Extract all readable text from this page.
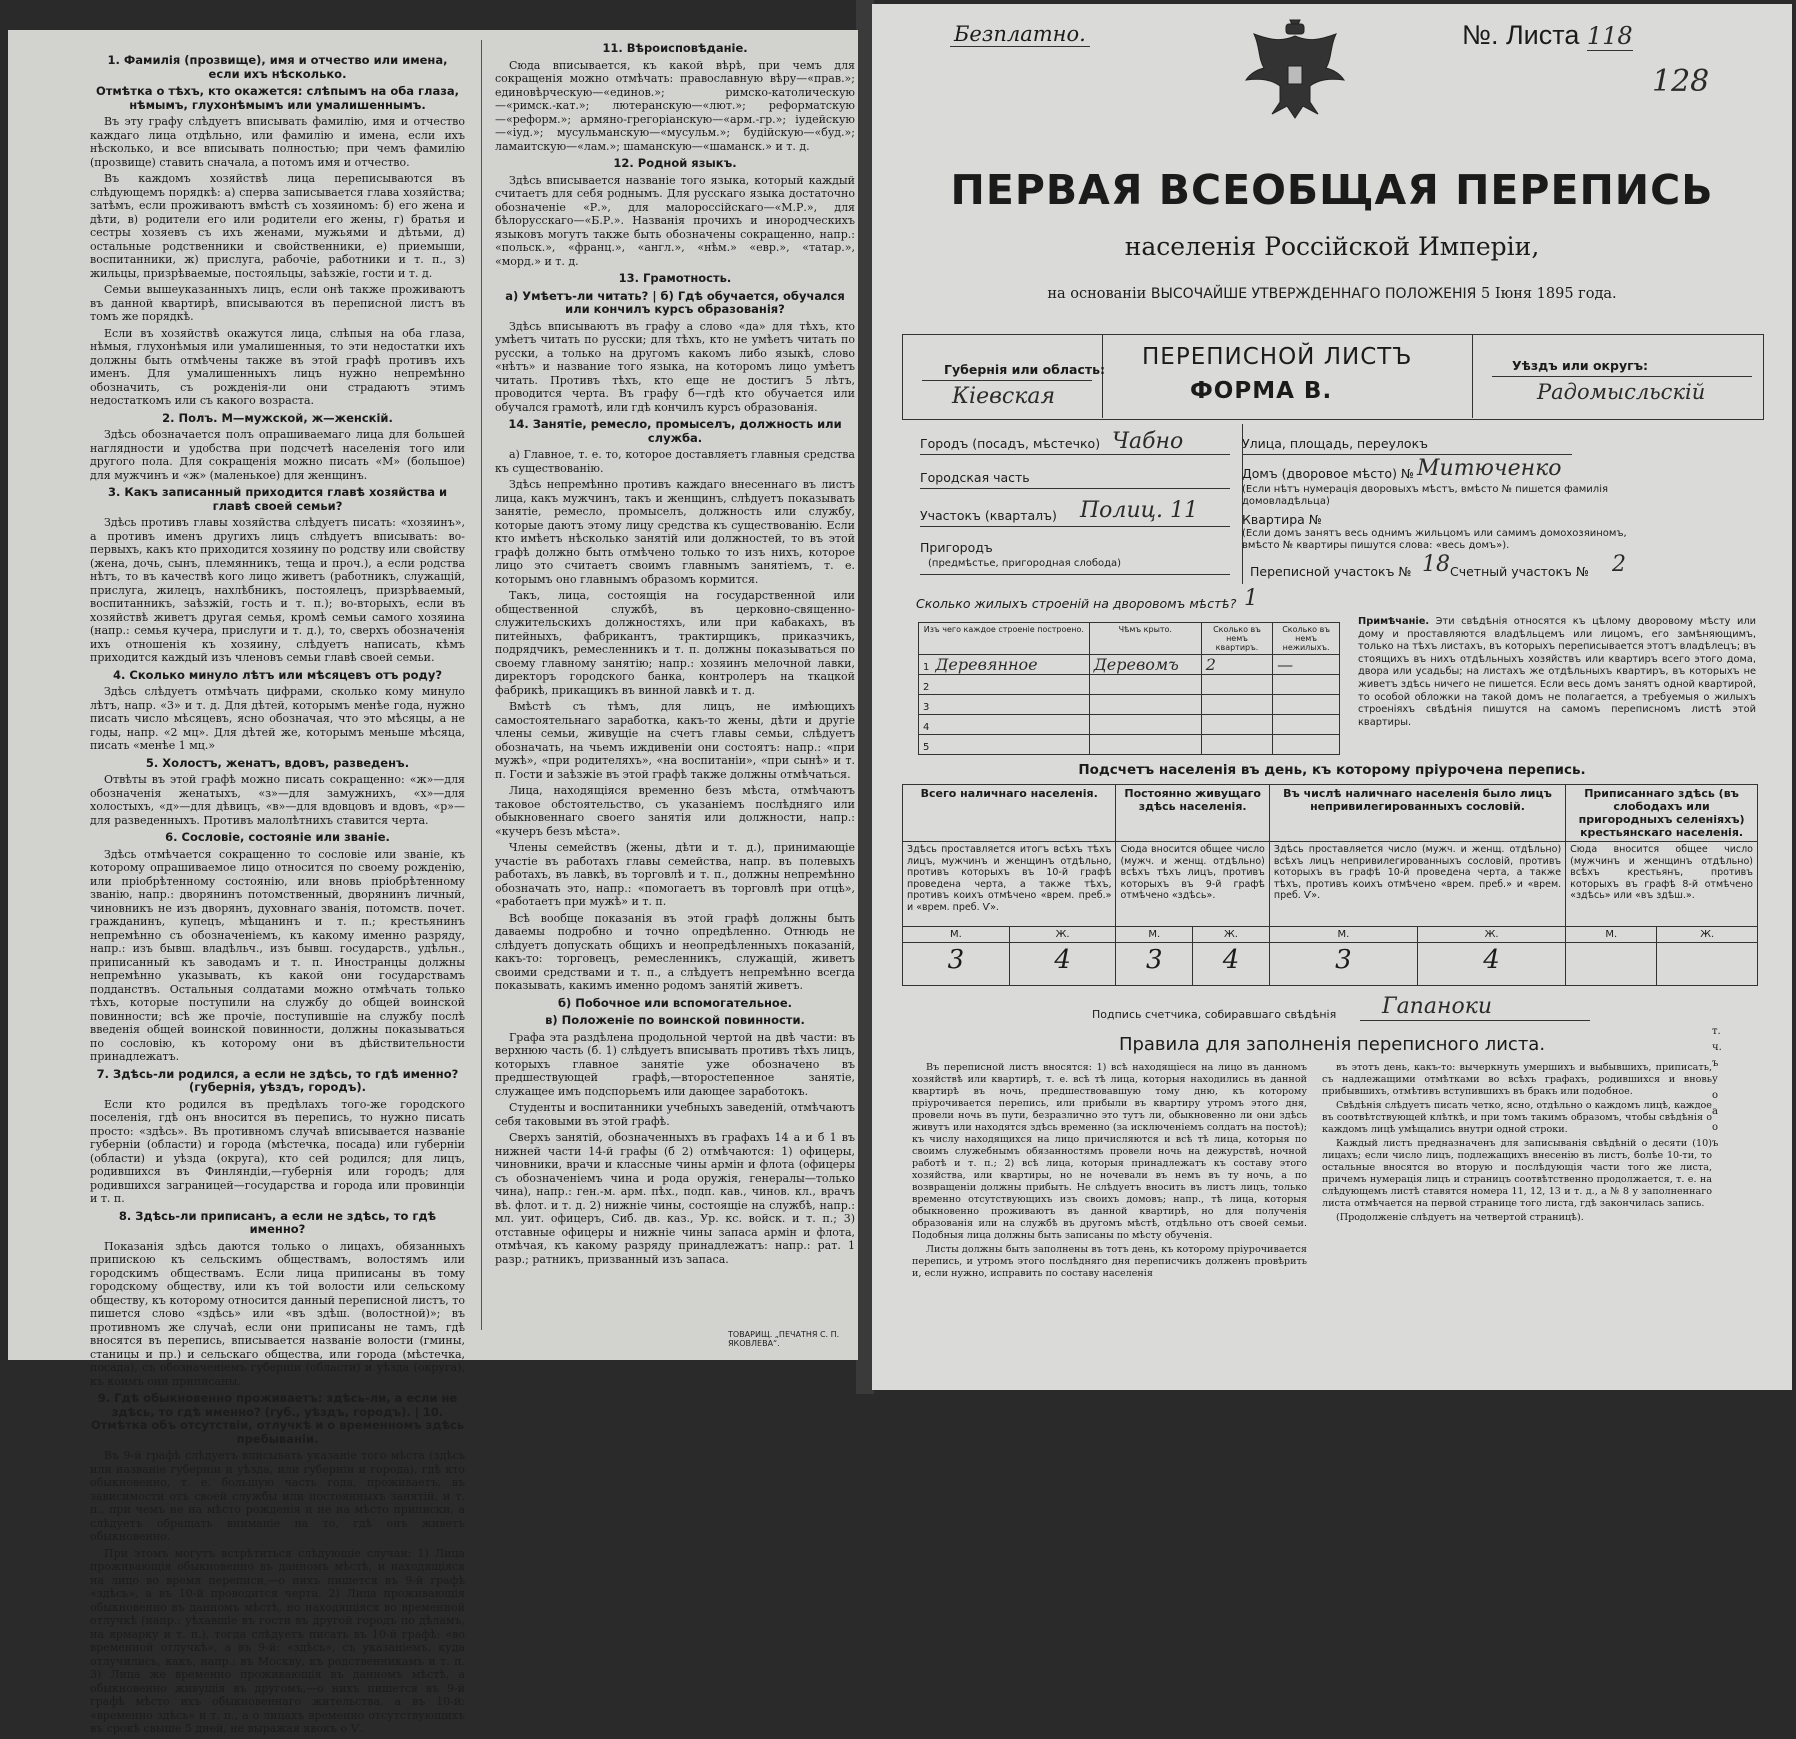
1. Фамилія (прозвище), имя и отчество или имена, если ихъ нѣсколько.
Отмѣтка о тѣхъ, кто окажется: слѣпымъ на оба глаза, нѣмымъ, глухонѣмымъ или умалишеннымъ.

Въ эту графу слѣдуетъ вписывать фамилію, имя и отчество каждаго лица отдѣльно, или фамилію и имена, если ихъ нѣсколько, и все вписывать полностью; при чемъ фамилію (прозвище) ставить сначала, а потомъ имя и отчество.

Въ каждомъ хозяйствѣ лица переписываются въ слѣдующемъ порядкѣ: а) сперва записывается глава хозяйства; затѣмъ, если проживаютъ вмѣстѣ съ хозяиномъ: б) его жена и дѣти, в) родители его или родители его жены, г) братья и сестры хозяевъ съ ихъ женами, мужьями и дѣтьми, д) остальные родственники и свойственники, е) приемыши, воспитанники, ж) прислуга, рабочіе, работники и т. п., з) жильцы, призрѣваемые, постояльцы, заѣзжіе, гости и т. д.

Семьи вышеуказанныхъ лицъ, если онѣ также проживаютъ въ данной квартирѣ, вписываются въ переписной листъ въ томъ же порядкѣ.

Если въ хозяйствѣ окажутся лица, слѣпыя на оба глаза, нѣмыя, глухонѣмыя или умалишенныя, то эти недостатки ихъ должны быть отмѣчены также въ этой графѣ противъ ихъ именъ. Для умалишенныхъ лицъ нужно непремѣнно обозначить, съ рожденія-ли они страдаютъ этимъ недостаткомъ или съ какого возраста.

2. Полъ. М—мужской, ж—женскій.

Здѣсь обозначается полъ опрашиваемаго лица для большей наглядности и удобства при подсчетѣ населенія того или другого пола. Для сокращенія можно писать «М» (большое) для мужчинъ и «ж» (маленькое) для женщинъ.

3. Какъ записанный приходится главѣ хозяйства и главѣ своей семьи?

Здѣсь противъ главы хозяйства слѣдуетъ писать: «хозяинъ», а противъ именъ другихъ лицъ слѣдуетъ вписывать: во-первыхъ, какъ кто приходится хозяину по родству или свойству (жена, дочь, сынъ, племянникъ, теща и проч.), а если родства нѣтъ, то въ качествѣ кого лицо живетъ (работникъ, служащій, прислуга, жилецъ, нахлѣбникъ, постоялецъ, призрѣваемый, воспитанникъ, заѣзжій, гость и т. п.); во-вторыхъ, если въ хозяйствѣ живетъ другая семья, кромѣ семьи самого хозяина (напр.: семья кучера, прислуги и т. д.), то, сверхъ обозначенія ихъ отношенія къ хозяину, слѣдуетъ написать, кѣмъ приходится каждый изъ членовъ семьи главѣ своей семьи.

4. Сколько минуло лѣтъ или мѣсяцевъ отъ роду?

Здѣсь слѣдуетъ отмѣчать цифрами, сколько кому минуло лѣтъ, напр. «3» и т. д. Для дѣтей, которымъ менѣе года, нужно писать число мѣсяцевъ, ясно обозначая, что это мѣсяцы, а не годы, напр. «2 мц». Для дѣтей же, которымъ меньше мѣсяца, писать «менѣе 1 мц.»

5. Холостъ, женатъ, вдовъ, разведенъ.

Отвѣты въ этой графѣ можно писать сокращенно: «ж»—для обозначенія женатыхъ, «з»—для замужнихъ, «х»—для холостыхъ, «д»—для дѣвицъ, «в»—для вдовцовъ и вдовъ, «р»—для разведенныхъ. Противъ малолѣтнихъ ставится черта.

6. Сословіе, состояніе или званіе.

Здѣсь отмѣчается сокращенно то сословіе или званіе, къ которому опрашиваемое лицо относится по своему рожденію, или пріобрѣтенному состоянію, или вновь пріобрѣтенному званію, напр.: дворянинъ потомственный, дворянинъ личный, чиновникъ не изъ дворянъ, духовнаго званія, потомств. почет. гражданинъ, купецъ, мѣщанинъ и т. п.; крестьянинъ непремѣнно съ обозначеніемъ, къ какому именно разряду, напр.: изъ бывш. владѣльч., изъ бывш. государств., удѣльн., приписанный къ заводамъ и т. п. Иностранцы должны непремѣнно указывать, къ какой они государствамъ подданствъ. Остальныя солдатами можно отмѣчать только тѣхъ, которые поступили на службу до общей воинской повинности; всѣ же прочіе, поступившіе на службу послѣ введенія общей воинской повинности, должны показываться по сословію, къ которому они въ дѣйствительности принадлежатъ.

7. Здѣсь-ли родился, а если не здѣсь, то гдѣ именно? (губернія, уѣздъ, городъ).

Если кто родился въ предѣлахъ того-же городского поселенія, гдѣ онъ вносится въ перепись, то нужно писать просто: «здѣсь». Въ противномъ случаѣ вписывается названіе губерніи (области) и города (мѣстечка, посада) или губерніи (области) и уѣзда (округа), кто сей родился; для лицъ, родившихся въ Финляндіи,—губернія или городъ; для родившихся заграницей—государства и города или провинціи и т. п.

8. Здѣсь-ли приписанъ, а если не здѣсь, то гдѣ именно?

Показанія здѣсь даются только о лицахъ, обязанныхъ припискою къ сельскимъ обществамъ, волостямъ или городскимъ обществамъ. Если лица приписаны въ тому городскому обществу, или къ той волости или сельскому обществу, къ которому относится данный переписной листъ, то пишется слово «здѣсь» или «въ здѣш. (волостной)»; въ противномъ же случаѣ, если они приписаны не тамъ, гдѣ вносятся въ перепись, вписывается названіе волости (гмины, станицы и пр.) и сельскаго общества, или города (мѣстечка, посада), съ обозначеніемъ губерніи (области) и уѣзда (округа), къ коимъ они приписаны.

9. Гдѣ обыкновенно проживаетъ: здѣсь-ли, а если не здѣсь, то гдѣ именно? (губ., уѣздъ, городъ). | 10. Отмѣтка объ отсутствіи, отлучкѣ и о временномъ здѣсь пребываніи.

Въ 9-й графѣ слѣдуетъ вписывать указаніе того мѣста (здѣсь или названіе губерніи и уѣзда, или губерніи и города), гдѣ кто обыкновенно, т. е. большую часть года, проживаетъ, въ зависимости отъ своей службы или постоянныхъ занятій, и т. п., при чемъ не на мѣсто рожденія и не на мѣсто приписки, а слѣдуетъ обращать вниманіе на то, гдѣ онъ живетъ обыкновенно.

При этомъ могутъ встрѣтиться слѣдующіе случаи: 1) Лица проживающія обыкновенно въ данномъ мѣстѣ, и находящіяся на лицо во время переписи,—о нихъ пишется въ 9-й графѣ «здѣсь», а въ 10-й проводится черта. 2) Лица проживающія обыкновенно въ данномъ мѣстѣ, но находящіяся во временной отлучкѣ (напр.: уѣхавшіе въ гости въ другой городъ по дѣламъ, на ярмарку и т. п.), тогда слѣдуетъ писать въ 10-й графѣ: «во временной отлучкѣ», а въ 9-й: «здѣсь», съ указаніемъ, куда отлучились, какъ, напр.: въ Москву, къ родственникамъ и т. п. 3) Лица же временно проживающія въ данномъ мѣстѣ, а обыкновенно живущія въ другомъ,—о нихъ пишется въ 9-й графѣ мѣсто ихъ обыкновеннаго жительства, а въ 10-й: «временно здѣсь» и т. п., а о лицахъ временно отсутствующихъ въ срокѣ свыше 5 дней, не выражая явокъ о Ѵ.

11. Вѣроисповѣданіе.

Сюда вписывается, къ какой вѣрѣ, при чемъ для сокращенія можно отмѣчать: православную вѣру—«прав.»; единовѣрческую—«единов.»; римско-католическую—«римск.-кат.»; лютеранскую—«лют.»; реформатскую—«реформ.»; армяно-грегоріанскую—«арм.-гр.»; іудейскую—«іуд.»; мусульманскую—«мусульм.»; будійскую—«буд.»; ламаитскую—«лам.»; шаманскую—«шаманск.» и т. д.

12. Родной языкъ.

Здѣсь вписывается названіе того языка, который каждый считаетъ для себя роднымъ. Для русскаго языка достаточно обозначеніе «Р.», для малороссійскаго—«М.Р.», для бѣлорусскаго—«Б.Р.». Названія прочихъ и инородческихъ языковъ могутъ также быть обозначены сокращенно, напр.: «польск.», «франц.», «англ.», «нѣм.» «евр.», «татар.», «морд.» и т. д.

13. Грамотность.
а) Умѣетъ-ли читать? | б) Гдѣ обучается, обучался или кончилъ курсъ образованія?

Здѣсь вписываютъ въ графу а слово «да» для тѣхъ, кто умѣетъ читать по русски; для тѣхъ, кто не умѣетъ читать по русски, а только на другомъ какомъ либо языкѣ, слово «нѣтъ» и название того языка, на которомъ лицо умѣетъ читать. Противъ тѣхъ, кто еще не достигъ 5 лѣтъ, проводится черта. Въ графу б—гдѣ кто обучается или обучался грамотѣ, или гдѣ кончилъ курсъ образованія.

14. Занятіе, ремесло, промыселъ, должность или служба.

а) Главное, т. е. то, которое доставляетъ главныя средства къ существованію.

Здѣсь непремѣнно противъ каждаго внесеннаго въ листъ лица, какъ мужчинъ, такъ и женщинъ, слѣдуетъ показывать занятіе, ремесло, промыселъ, должность или службу, которые даютъ этому лицу средства къ существованію. Если кто имѣетъ нѣсколько занятій или должностей, то въ этой графѣ должно быть отмѣчено только то изъ нихъ, которое лицо это считаетъ своимъ главнымъ занятіемъ, т. е. которымъ оно главнымъ образомъ кормится.

Такъ, лица, состоящія на государственной или общественной службѣ, въ церковно-священно-служительскихъ должностяхъ, или при кабакахъ, въ питейныхъ, фабрикантъ, трактирщикъ, приказчикъ, подрядчикъ, ремесленникъ и т. п. должны показываться по своему главному занятію; напр.: хозяинъ мелочной лавки, директоръ городского банка, контролеръ на ткацкой фабрикѣ, прикащикъ въ винной лавкѣ и т. д.

Вмѣстѣ съ тѣмъ, для лицъ, не имѣющихъ самостоятельнаго заработка, какъ-то жены, дѣти и другіе члены семьи, живущіе на счетъ главы семьи, слѣдуетъ обозначать, на чьемъ иждивеніи они состоятъ: напр.: «при мужѣ», «при родителяхъ», «на воспитаніи», «при сынѣ» и т. п. Гости и заѣзжіе въ этой графѣ также должны отмѣчаться.

Лица, находящіяся временно безъ мѣста, отмѣчаютъ таковое обстоятельство, съ указаніемъ послѣдняго или обыкновеннаго своего занятія или должности, напр.: «кучеръ безъ мѣста».

Члены семействъ (жены, дѣти и т. д.), принимающіе участіе въ работахъ главы семейства, напр. въ полевыхъ работахъ, въ лавкѣ, въ торговлѣ и т. п., должны непремѣнно обозначать это, напр.: «помогаетъ въ торговлѣ при отцѣ», «работаетъ при мужѣ» и т. п.

Всѣ вообще показанія въ этой графѣ должны быть даваемы подробно и точно опредѣленно. Отнюдь не слѣдуетъ допускать общихъ и неопредѣленныхъ показаній, какъ-то: торговецъ, ремесленникъ, служащій, живетъ своими средствами и т. п., а слѣдуетъ непремѣнно всегда показывать, какимъ именно родомъ занятій живетъ.

б) Побочное или вспомогательное.
в) Положеніе по воинской повинности.

Графа эта раздѣлена продольной чертой на двѣ части: въ верхнюю часть (б. 1) слѣдуетъ вписывать противъ тѣхъ лицъ, которыхъ главное занятіе уже обозначено въ предшествующей графѣ,—второстепенное занятіе, служащее имъ подспорьемъ или дающее заработокъ.

Студенты и воспитанники учебныхъ заведеній, отмѣчаютъ себя таковыми въ этой графѣ.

Сверхъ занятій, обозначенныхъ въ графахъ 14 а и б 1 въ нижней части 14-й графы (б 2) отмѣчаются: 1) офицеры, чиновники, врачи и классные чины армін и флота (офицеры съ обозначеніемъ чина и рода оружія, генералы—только чина), напр.: ген.-м. арм. пѣх., подп. кав., чинов. кл., врачъ вѣ. флот. и т. д. 2) нижніе чины, состоящіе на службѣ, напр.: мл. уит. офицеръ, Сиб. дв. каз., Ур. кс. войск. и т. п.; 3) отставные офицеры и нижніе чины запаса армін и флота, отмѣчая, къ какому разряду принадлежатъ: напр.: рат. 1 разр.; ратникъ, призванный изъ запаса.

ТОВАРИЩ. „ПЕЧАТНЯ С. П. ЯКОВЛЕВА“.
Безплатно.	№. Листа 118
128
ПЕРВАЯ ВСЕОБЩАЯ ПЕРЕПИСЬ
населенія Россійской Имперіи,
на основаніи ВЫСОЧАЙШЕ УТВЕРЖДЕННАГО ПОЛОЖЕНІЯ 5 Іюня 1895 года.
Губернія или область:
Кіевская
ПЕРЕПИСНОЙ ЛИСТЪ
ФОРМА В.
Уѣздъ или округъ:
Радомысльскій
Городъ (посадъ, мѣстечко) Чабно
Городская часть
Участокъ (кварталъ) Полиц. 11
Пригородъ
(предмѣстье, пригородная слобода)
Улица, площадь, переулокъ
Домъ (дворовое мѣсто) № Митюченко
(Если нѣтъ нумерація дворовыхъ мѣстъ, вмѣсто № пишется фамилія домовладѣльца)
Квартира №
(Если домъ занятъ весь однимъ жильцомъ или самимъ домохозяиномъ, вмѣсто № квартиры пишутся слова: «весь домъ»).
Переписной участокъ № 18 Счетный участокъ № 2
Сколько жилыхъ строеній на дворовомъ мѣстѣ? 1
Изъ чего каждое строеніе построено.	Чѣмъ крыто.	Сколько въ немъ квартиръ.	Сколько въ немъ нежилыхъ.
1 Деревянное	Деревомъ	2	—
2			
3			
4			
5			
Примѣчаніе. Эти свѣдѣнія относятся къ цѣлому дворовому мѣсту или дому и проставляются владѣльцемъ или лицомъ, его замѣняющимъ, только на тѣхъ листахъ, въ которыхъ переписывается этотъ владѣлецъ; въ стоящихъ въ нихъ отдѣльныхъ хозяйствъ или квартиръ всего этого дома, двора или усадьбы; на листахъ же отдѣльныхъ квартиръ, въ которыхъ не живетъ здѣсь ничего не пишется. Если весь домъ занятъ одной квартирой, то особой обложки на такой домъ не полагается, а требуемыя о жилыхъ строеніяхъ свѣдѣнія пишутся на самомъ переписномъ листѣ этой квартиры.
Подсчетъ населенія въ день, къ которому пріурочена перепись.
Всего наличнаго населенія.		Постоянно живущаго здѣсь населенія.		Въ числѣ наличнаго населенія было лицъ непривилегированныхъ сословій.		Приписаннаго здѣсь (въ слободахъ или пригородныхъ селеніяхъ) крестьянскаго населенія.	
Здѣсь проставляется итогъ всѣхъ тѣхъ лицъ, мужчинъ и женщинъ отдѣльно, противъ которыхъ въ 10-й графѣ проведена черта, а также тѣхъ, противъ коихъ отмѣчено «врем. преб.» и «врем. преб. Ѵ».		Сюда вносится общее число (мужч. и женщ. отдѣльно) всѣхъ тѣхъ лицъ, противъ которыхъ въ 9-й графѣ отмѣчено «здѣсь».		Здѣсь проставляется число (мужч. и женщ. отдѣльно) всѣхъ лицъ непривилегированныхъ сословій, противъ которыхъ въ графѣ 10-й проведена черта, а также тѣхъ, противъ коихъ отмѣчено «врем. преб.» и «врем. преб. Ѵ».		Сюда вносится общее число (мужчинъ и женщинъ отдѣльно) всѣхъ крестьянъ, противъ которыхъ въ графѣ 8-й отмѣчено «здѣсь» или «въ здѣш.».	
М.	Ж.	М.	Ж.	М.	Ж.	М.	Ж.
3	4	3	4	3	4		
Подпись счетчика, собиравшаго свѣдѣнія Гапаноки
Правила для заполненія переписного листа.

Въ переписной листъ вносятся: 1) всѣ находящіеся на лицо въ данномъ хозяйствѣ или квартирѣ, т. е. всѣ тѣ лица, которыя находились въ данной квартирѣ въ ночь, предшествовавшую тому дню, къ которому пріурочивается перепись, или прибыли въ квартиру утромъ этого дня, провели ночь въ пути, безразлично это тутъ ли, обыкновенно ли они здѣсь живутъ или находятся здѣсь временно (за исключеніемъ солдатъ на постоѣ); къ числу находящихся на лицо причисляются и всѣ тѣ лица, которыя по своимъ служебнымъ обязанностямъ провели ночь на дежурствѣ, ночной работѣ и т. п.; 2) всѣ лица, которыя принадлежатъ къ составу этого хозяйства, или квартиры, но не ночевали въ немъ въ ту ночь, а по возвращеніи должны прибыть. Не слѣдуетъ вносить въ листъ лицъ, только временно отсутствующихъ изъ своихъ домовъ; напр., тѣ лица, которыя обыкновенно проживаютъ въ данной квартирѣ, но для полученія образованія или на службѣ въ другомъ мѣстѣ, отдѣльно отъ своей семьи. Подобныя лица должны быть записаны по мѣсту обученія.

Листы должны быть заполнены въ тотъ день, къ которому пріурочивается перепись, и утромъ этого послѣдняго дня переписчикъ долженъ провѣрить и, если нужно, исправить по составу населенія

въ этотъ день, какъ-то: вычеркнуть умершихъ и выбывшихъ, приписать, съ надлежащими отмѣтками во всѣхъ графахъ, родившихся и вновь прибывшихъ, отмѣтивъ вступившихъ въ бракъ или подобное.

Свѣдѣнія слѣдуетъ писать четко, ясно, отдѣльно о каждомъ лицѣ, каждое въ соотвѣтствующей клѣткѣ, и при томъ такимъ образомъ, чтобы свѣдѣнія о каждомъ лицѣ умѣщались внутри одной строки.

Каждый листъ предназначенъ для записыванія свѣдѣній о десяти (10) лицахъ; если число лицъ, подлежащихъ внесенію въ листъ, болѣе 10-ти, то остальные вносятся во вторую и послѣдующія части того же листа, причемъ нумерація лицъ и страницъ соотвѣтственно продолжается, т. е. на слѣдующемъ листѣ ставятся номера 11, 12, 13 и т. д., а № 8 у заполненнаго листа отмѣчается на первой странице того листа, гдѣ закончилась запись.

(Продолженіе слѣдуетъ на четвертой страницѣ).

т.
ч.
ъ
у
о
а
о
ъ
